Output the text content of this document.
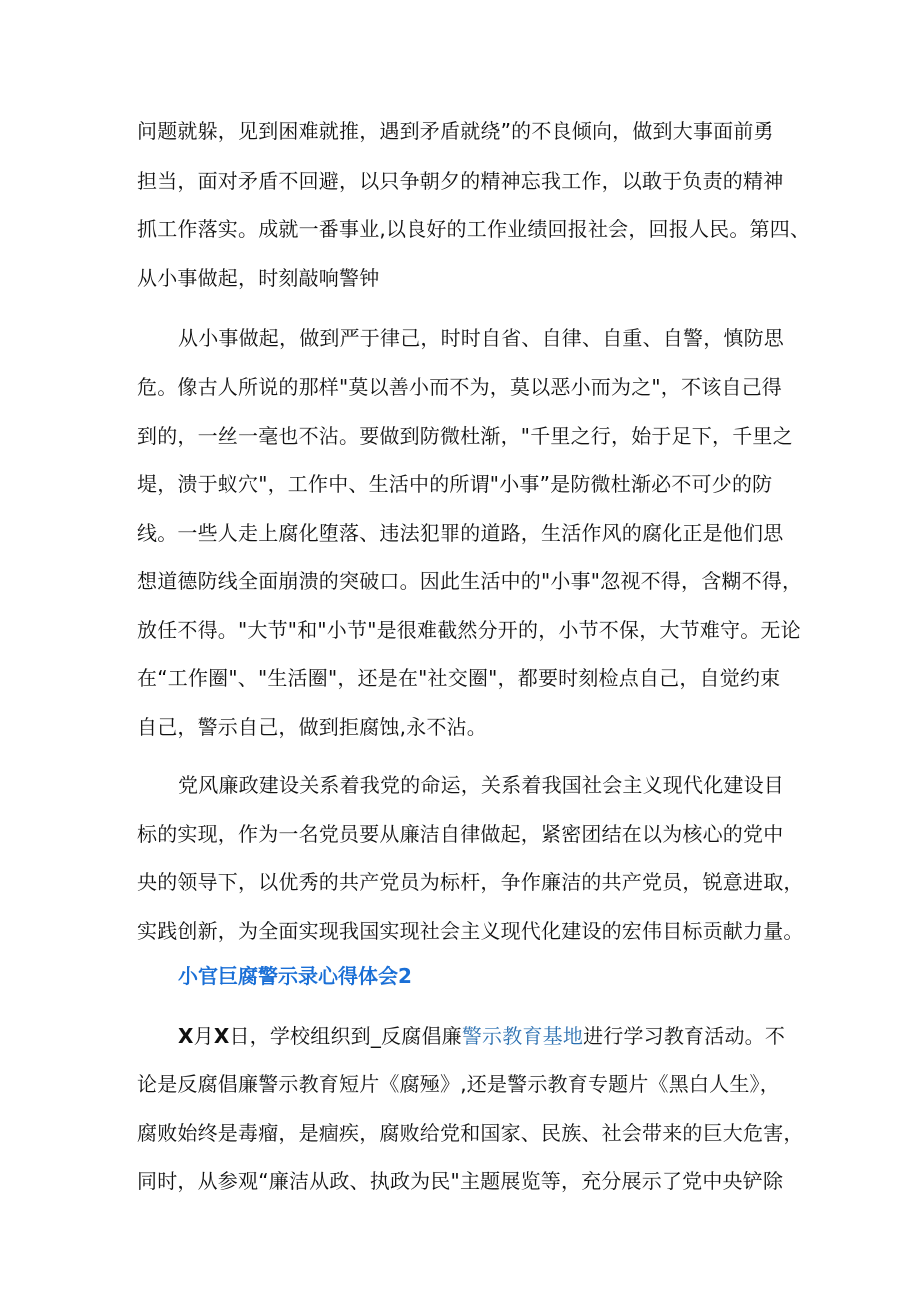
问题就躲，见到困难就推，遇到矛盾就绕”的不良倾向，做到大事面前勇
担当，面对矛盾不回避，以只争朝夕的精神忘我工作，以敢于负责的精神
抓工作落实。成就一番事业,以良好的工作业绩回报社会，回报人民。第四、
从小事做起，时刻敲响警钟
从小事做起，做到严于律己，时时自省、自律、自重、自警，慎防思
危。像古人所说的那样"莫以善小而不为，莫以恶小而为之"，不该自己得
到的，一丝一毫也不沾。要做到防微杜渐，"千里之行，始于足下，千里之
堤，溃于蚁穴"，工作中、生活中的所谓"小事”是防微杜渐必不可少的防
线。一些人走上腐化堕落、违法犯罪的道路，生活作风的腐化正是他们思
想道德防线全面崩溃的突破口。因此生活中的"小事"忽视不得，含糊不得，
放任不得。"大节"和"小节"是很难截然分开的，小节不保，大节难守。无论
在“工作圈"、"生活圈"，还是在"社交圈"，都要时刻检点自己，自觉约束
自己，警示自己，做到拒腐蚀,永不沾。
党风廉政建设关系着我党的命运，关系着我国社会主义现代化建设目
标的实现，作为一名党员要从廉洁自律做起，紧密团结在以为核心的党中
央的领导下，以优秀的共产党员为标杆，争作廉洁的共产党员，锐意进取，
实践创新，为全面实现我国实现社会主义现代化建设的宏伟目标贡献力量。
小官巨腐警示录心得体会2
X月X日，学校组织到_反腐倡廉警示教育基地进行学习教育活动。不
论是反腐倡廉警示教育短片《腐殛》,还是警示教育专题片《黑白人生》，
腐败始终是毒瘤，是痼疾，腐败给党和国家、民族、社会带来的巨大危害，
同时，从参观“廉洁从政、执政为民"主题展览等，充分展示了党中央铲除
